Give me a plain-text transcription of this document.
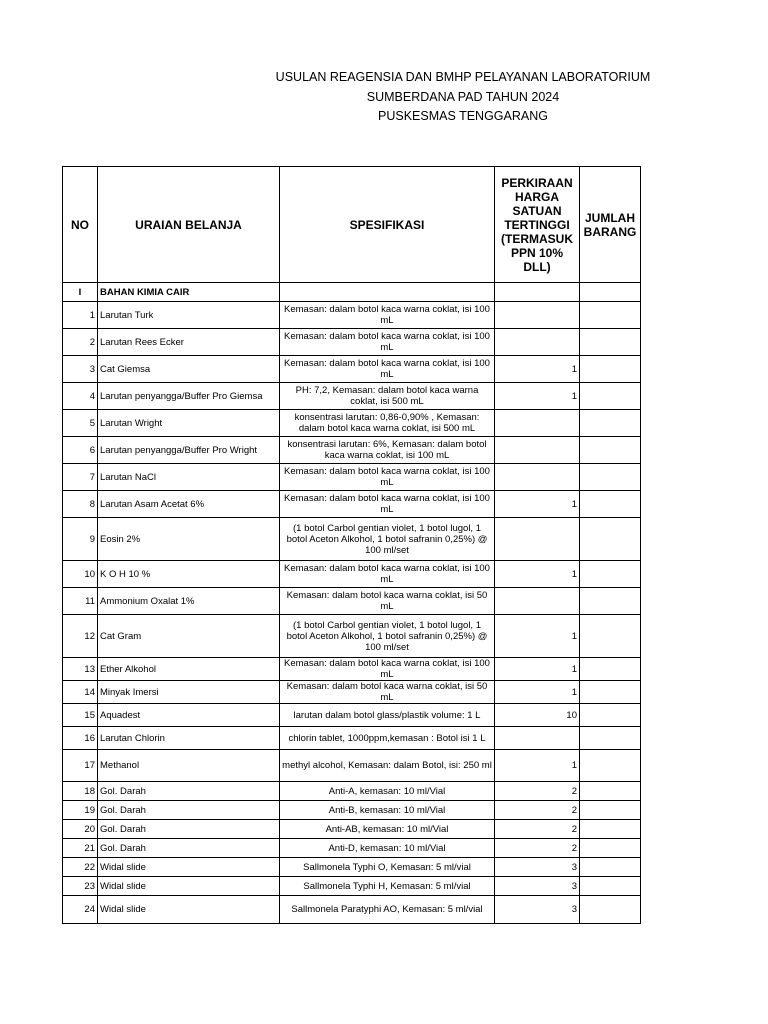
USULAN REAGENSIA DAN BMHP PELAYANAN LABORATORIUM
SUMBERDANA PAD TAHUN 2024
PUSKESMAS TENGGARANG
NO	URAIAN BELANJA	SPESIFIKASI	PERKIRAAN HARGA SATUAN TERTINGGI (TERMASUK PPN 10% DLL)	JUMLAH BARANG
I	BAHAN KIMIA CAIR			
1	Larutan Turk	Kemasan: dalam botol kaca warna coklat, isi 100 mL		
2	Larutan Rees Ecker	Kemasan: dalam botol kaca warna coklat, isi 100 mL		
3	Cat Giemsa	Kemasan: dalam botol kaca warna coklat, isi 100 mL	1	
4	Larutan penyangga/Buffer Pro Giemsa	PH: 7,2, Kemasan: dalam botol kaca warna coklat, isi 500 mL	1	
5	Larutan Wright	konsentrasi larutan: 0,86-0,90% , Kemasan: dalam botol kaca warna coklat, isi 500 mL		
6	Larutan penyangga/Buffer Pro Wright	konsentrasi larutan: 6%, Kemasan: dalam botol kaca warna coklat, isi 100 mL		
7	Larutan NaCl	Kemasan: dalam botol kaca warna coklat, isi 100 mL		
8	Larutan Asam Acetat 6%	Kemasan: dalam botol kaca warna coklat, isi 100 mL	1	
9	Eosin 2%	(1 botol Carbol gentian violet, 1 botol lugol, 1 botol Aceton Alkohol, 1 botol safranin 0,25%) @ 100 ml/set		
10	K O H 10 %	Kemasan: dalam botol kaca warna coklat, isi 100 mL	1	
11	Ammonium Oxalat 1%	Kemasan: dalam botol kaca warna coklat, isi 50 mL		
12	Cat Gram	(1 botol Carbol gentian violet, 1 botol lugol, 1 botol Aceton Alkohol, 1 botol safranin 0,25%) @ 100 ml/set	1	
13	Ether Alkohol	Kemasan: dalam botol kaca warna coklat, isi 100 mL	1	
14	Minyak Imersi	Kemasan: dalam botol kaca warna coklat, isi 50 mL	1	
15	Aquadest	larutan dalam botol glass/plastik volume: 1 L	10	
16	Larutan Chlorin	chlorin tablet, 1000ppm,kemasan : Botol isi 1 L		
17	Methanol	methyl alcohol, Kemasan: dalam Botol, isi: 250 ml	1	
18	Gol. Darah	Anti-A, kemasan: 10 ml/Vial	2	
19	Gol. Darah	Anti-B, kemasan: 10 ml/Vial	2	
20	Gol. Darah	Anti-AB, kemasan: 10 ml/Vial	2	
21	Gol. Darah	Anti-D, kemasan: 10 ml/Vial	2	
22	Widal slide	Sallmonela Typhi O, Kemasan: 5 ml/vial	3	
23	Widal slide	Sallmonela Typhi H, Kemasan: 5 ml/vial	3	
24	Widal slide	Sallmonela Paratyphi AO, Kemasan: 5 ml/vial	3	
